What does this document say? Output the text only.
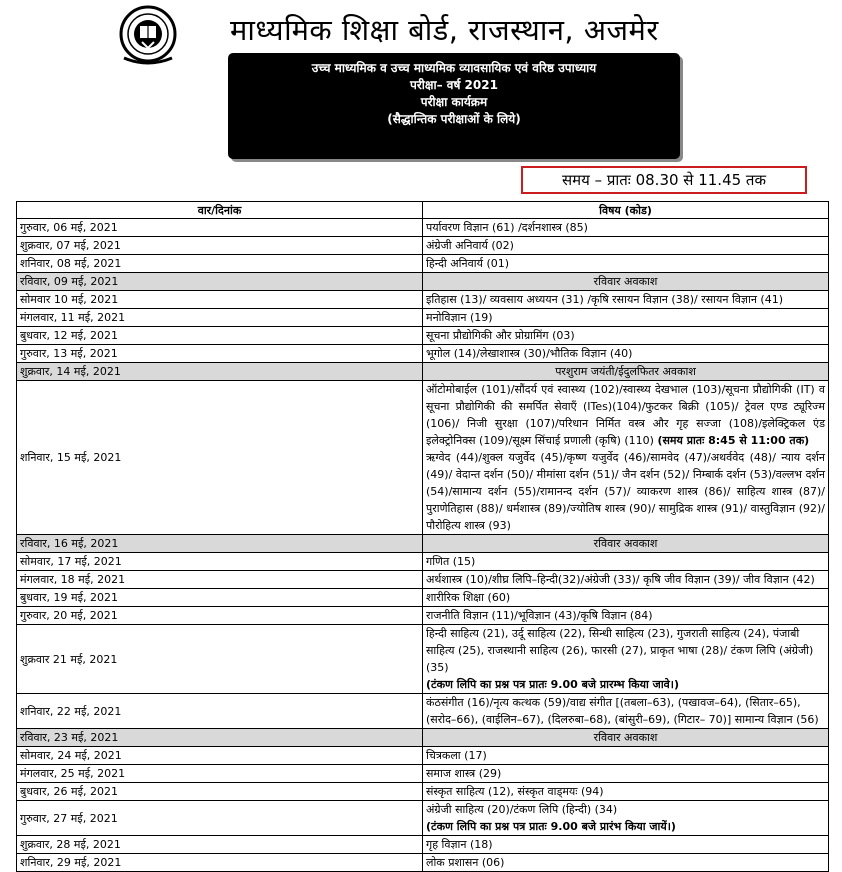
माध्यमिक शिक्षा बोर्ड, राजस्थान, अजमेर
उच्च माध्यमिक व उच्च माध्यमिक व्यावसायिक एवं वरिष्ठ उपाध्याय
परीक्षा– वर्ष 2021
परीक्षा कार्यक्रम
(सैद्धान्तिक परीक्षाओं के लिये)
समय – प्रातः 08.30 से 11.45 तक
वार/दिनांक	विषय (कोड)
गुरुवार, 06 मई, 2021	पर्यावरण विज्ञान (61) /दर्शनशास्त्र (85)
शुक्रवार, 07 मई, 2021	अंग्रेजी अनिवार्य (02)
शनिवार, 08 मई, 2021	हिन्दी अनिवार्य (01)
रविवार, 09 मई, 2021	रविवार अवकाश
सोमवार 10 मई, 2021	इतिहास (13)/ व्यवसाय अध्ययन (31) /कृषि रसायन विज्ञान (38)/ रसायन विज्ञान (41)
मंगलवार, 11 मई, 2021	मनोविज्ञान (19)
बुधवार, 12 मई, 2021	सूचना प्रौद्योगिकी और प्रोग्रामिंग (03)
गुरुवार, 13 मई, 2021	भूगोल (14)/लेखाशास्त्र (30)/भौतिक विज्ञान (40)
शुक्रवार, 14 मई, 2021	परशुराम जयंती/ईदुलफितर अवकाश
शनिवार, 15 मई, 2021	ऑटोमोबाईल (101)/सौंदर्य एवं स्वास्थ्य (102)/स्वास्थ्य देखभाल (103)/सूचना प्रौद्योगिकी (IT) व सूचना प्रौद्योगिकी की समर्पित सेवाएँ (ITes)(104)/फुटकर बिक्री (105)/ ट्रेवल एण्ड ट्यूरिज्म (106)/ निजी सुरक्षा (107)/परिधान निर्मित वस्त्र और गृह सज्जा (108)/इलेक्ट्रिकल एंड इलेक्ट्रोनिक्स (109)/सूक्ष्म सिंचाई प्रणाली (कृषि) (110) (समय प्रातः 8:45 से 11:00 तक)
ऋग्वेद (44)/शुक्ल यजुर्वेद (45)/कृष्ण यजुर्वेद (46)/सामवेद (47)/अथर्ववेद (48)/ न्याय दर्शन (49)/ वेदान्त दर्शन (50)/ मीमांसा दर्शन (51)/ जैन दर्शन (52)/ निम्बार्क दर्शन (53)/वल्लभ दर्शन (54)/सामान्य दर्शन (55)/रामानन्द दर्शन (57)/ व्याकरण शास्त्र (86)/ साहित्य शास्त्र (87)/पुराणेतिहास (88)/ धर्मशास्त्र (89)/ज्योतिष शास्त्र (90)/ सामुद्रिक शास्त्र (91)/ वास्तुविज्ञान (92)/पौरोहित्य शास्त्र (93)
रविवार, 16 मई, 2021	रविवार अवकाश
सोमवार, 17 मई, 2021	गणित (15)
मंगलवार, 18 मई, 2021	अर्थशास्त्र (10)/शीघ्र लिपि–हिन्दी(32)/अंग्रेजी (33)/ कृषि जीव विज्ञान (39)/ जीव विज्ञान (42)
बुधवार, 19 मई, 2021	शारीरिक शिक्षा (60)
गुरुवार, 20 मई, 2021	राजनीति विज्ञान (11)/भूविज्ञान (43)/कृषि विज्ञान (84)
शुक्रवार 21 मई, 2021	हिन्दी साहित्य (21), उर्दू साहित्य (22), सिन्धी साहित्य (23), गुजराती साहित्य (24), पंजाबी साहित्य (25), राजस्थानी साहित्य (26), फारसी (27), प्राकृत भाषा (28)/ टंकण लिपि (अंग्रेजी) (35)
(टंकण लिपि का प्रश्न पत्र प्रातः 9.00 बजे प्रारम्भ किया जावे।)
शनिवार, 22 मई, 2021	कंठसंगीत (16)/नृत्य कत्थक (59)/वाद्य संगीत [(तबला–63), (पखावज–64), (सितार–65), (सरोद–66), (वाईलिन–67), (दिलरुबा–68), (बांसुरी–69), (गिटार– 70)] सामान्य विज्ञान (56)
रविवार, 23 मई, 2021	रविवार अवकाश
सोमवार, 24 मई, 2021	चित्रकला (17)
मंगलवार, 25 मई, 2021	समाज शास्त्र (29)
बुधवार, 26 मई, 2021	संस्कृत साहित्य (12), संस्कृत वाड्मयः (94)
गुरुवार, 27 मई, 2021	अंग्रेजी साहित्य (20)/टंकण लिपि (हिन्दी) (34)
(टंकण लिपि का प्रश्न पत्र प्रातः 9.00 बजे प्रारंभ किया जायें।)
शुक्रवार, 28 मई, 2021	गृह विज्ञान (18)
शनिवार, 29 मई, 2021	लोक प्रशासन (06)
